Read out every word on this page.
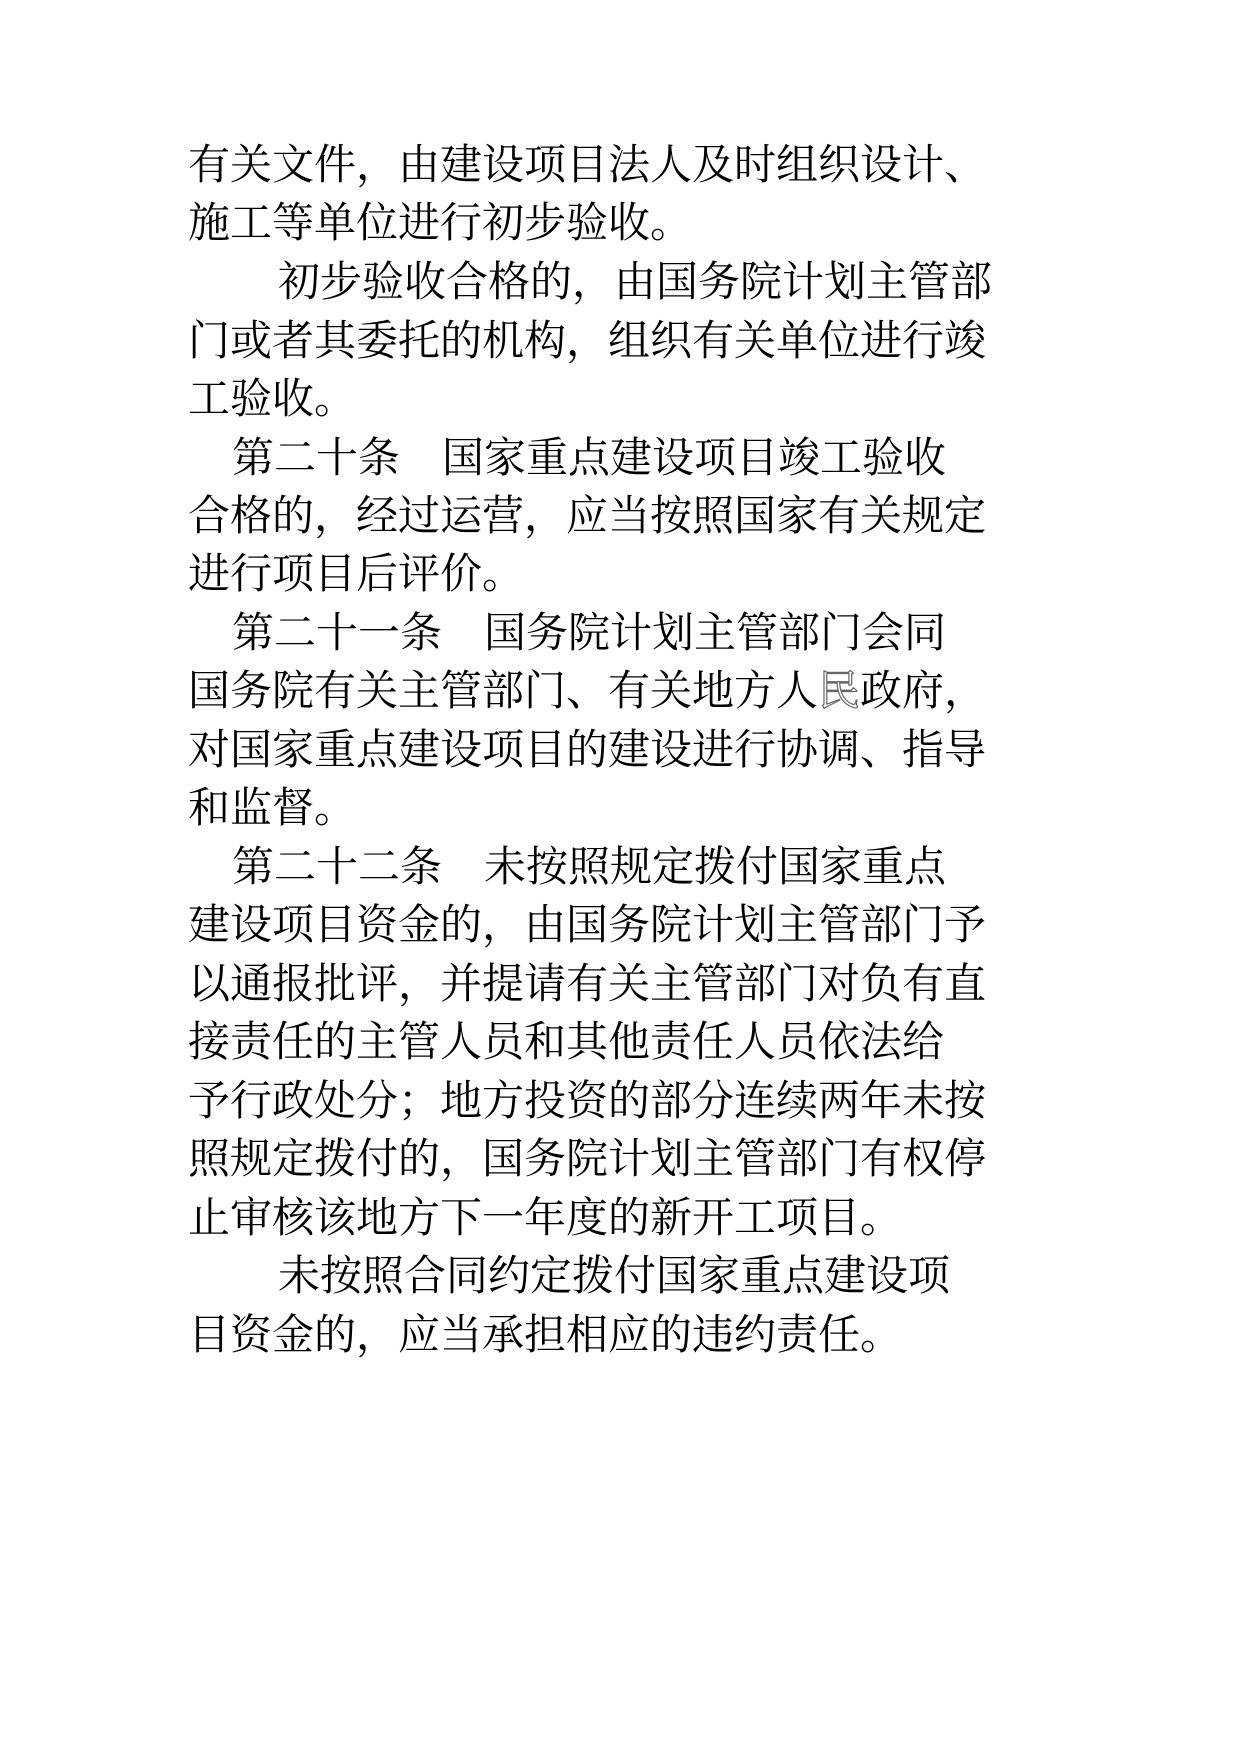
有关文件，由建设项目法人及时组织设计、
施工等单位进行初步验收。
初步验收合格的，由国务院计划主管部
门或者其委托的机构，组织有关单位进行竣
工验收。
第二十条　国家重点建设项目竣工验收
合格的，经过运营，应当按照国家有关规定
进行项目后评价。
第二十一条　国务院计划主管部门会同
国务院有关主管部门、有关地方人民政府，
对国家重点建设项目的建设进行协调、指导
和监督。
第二十二条　未按照规定拨付国家重点
建设项目资金的，由国务院计划主管部门予
以通报批评，并提请有关主管部门对负有直
接责任的主管人员和其他责任人员依法给
予行政处分；地方投资的部分连续两年未按
照规定拨付的，国务院计划主管部门有权停
止审核该地方下一年度的新开工项目。
未按照合同约定拨付国家重点建设项
目资金的，应当承担相应的违约责任。
